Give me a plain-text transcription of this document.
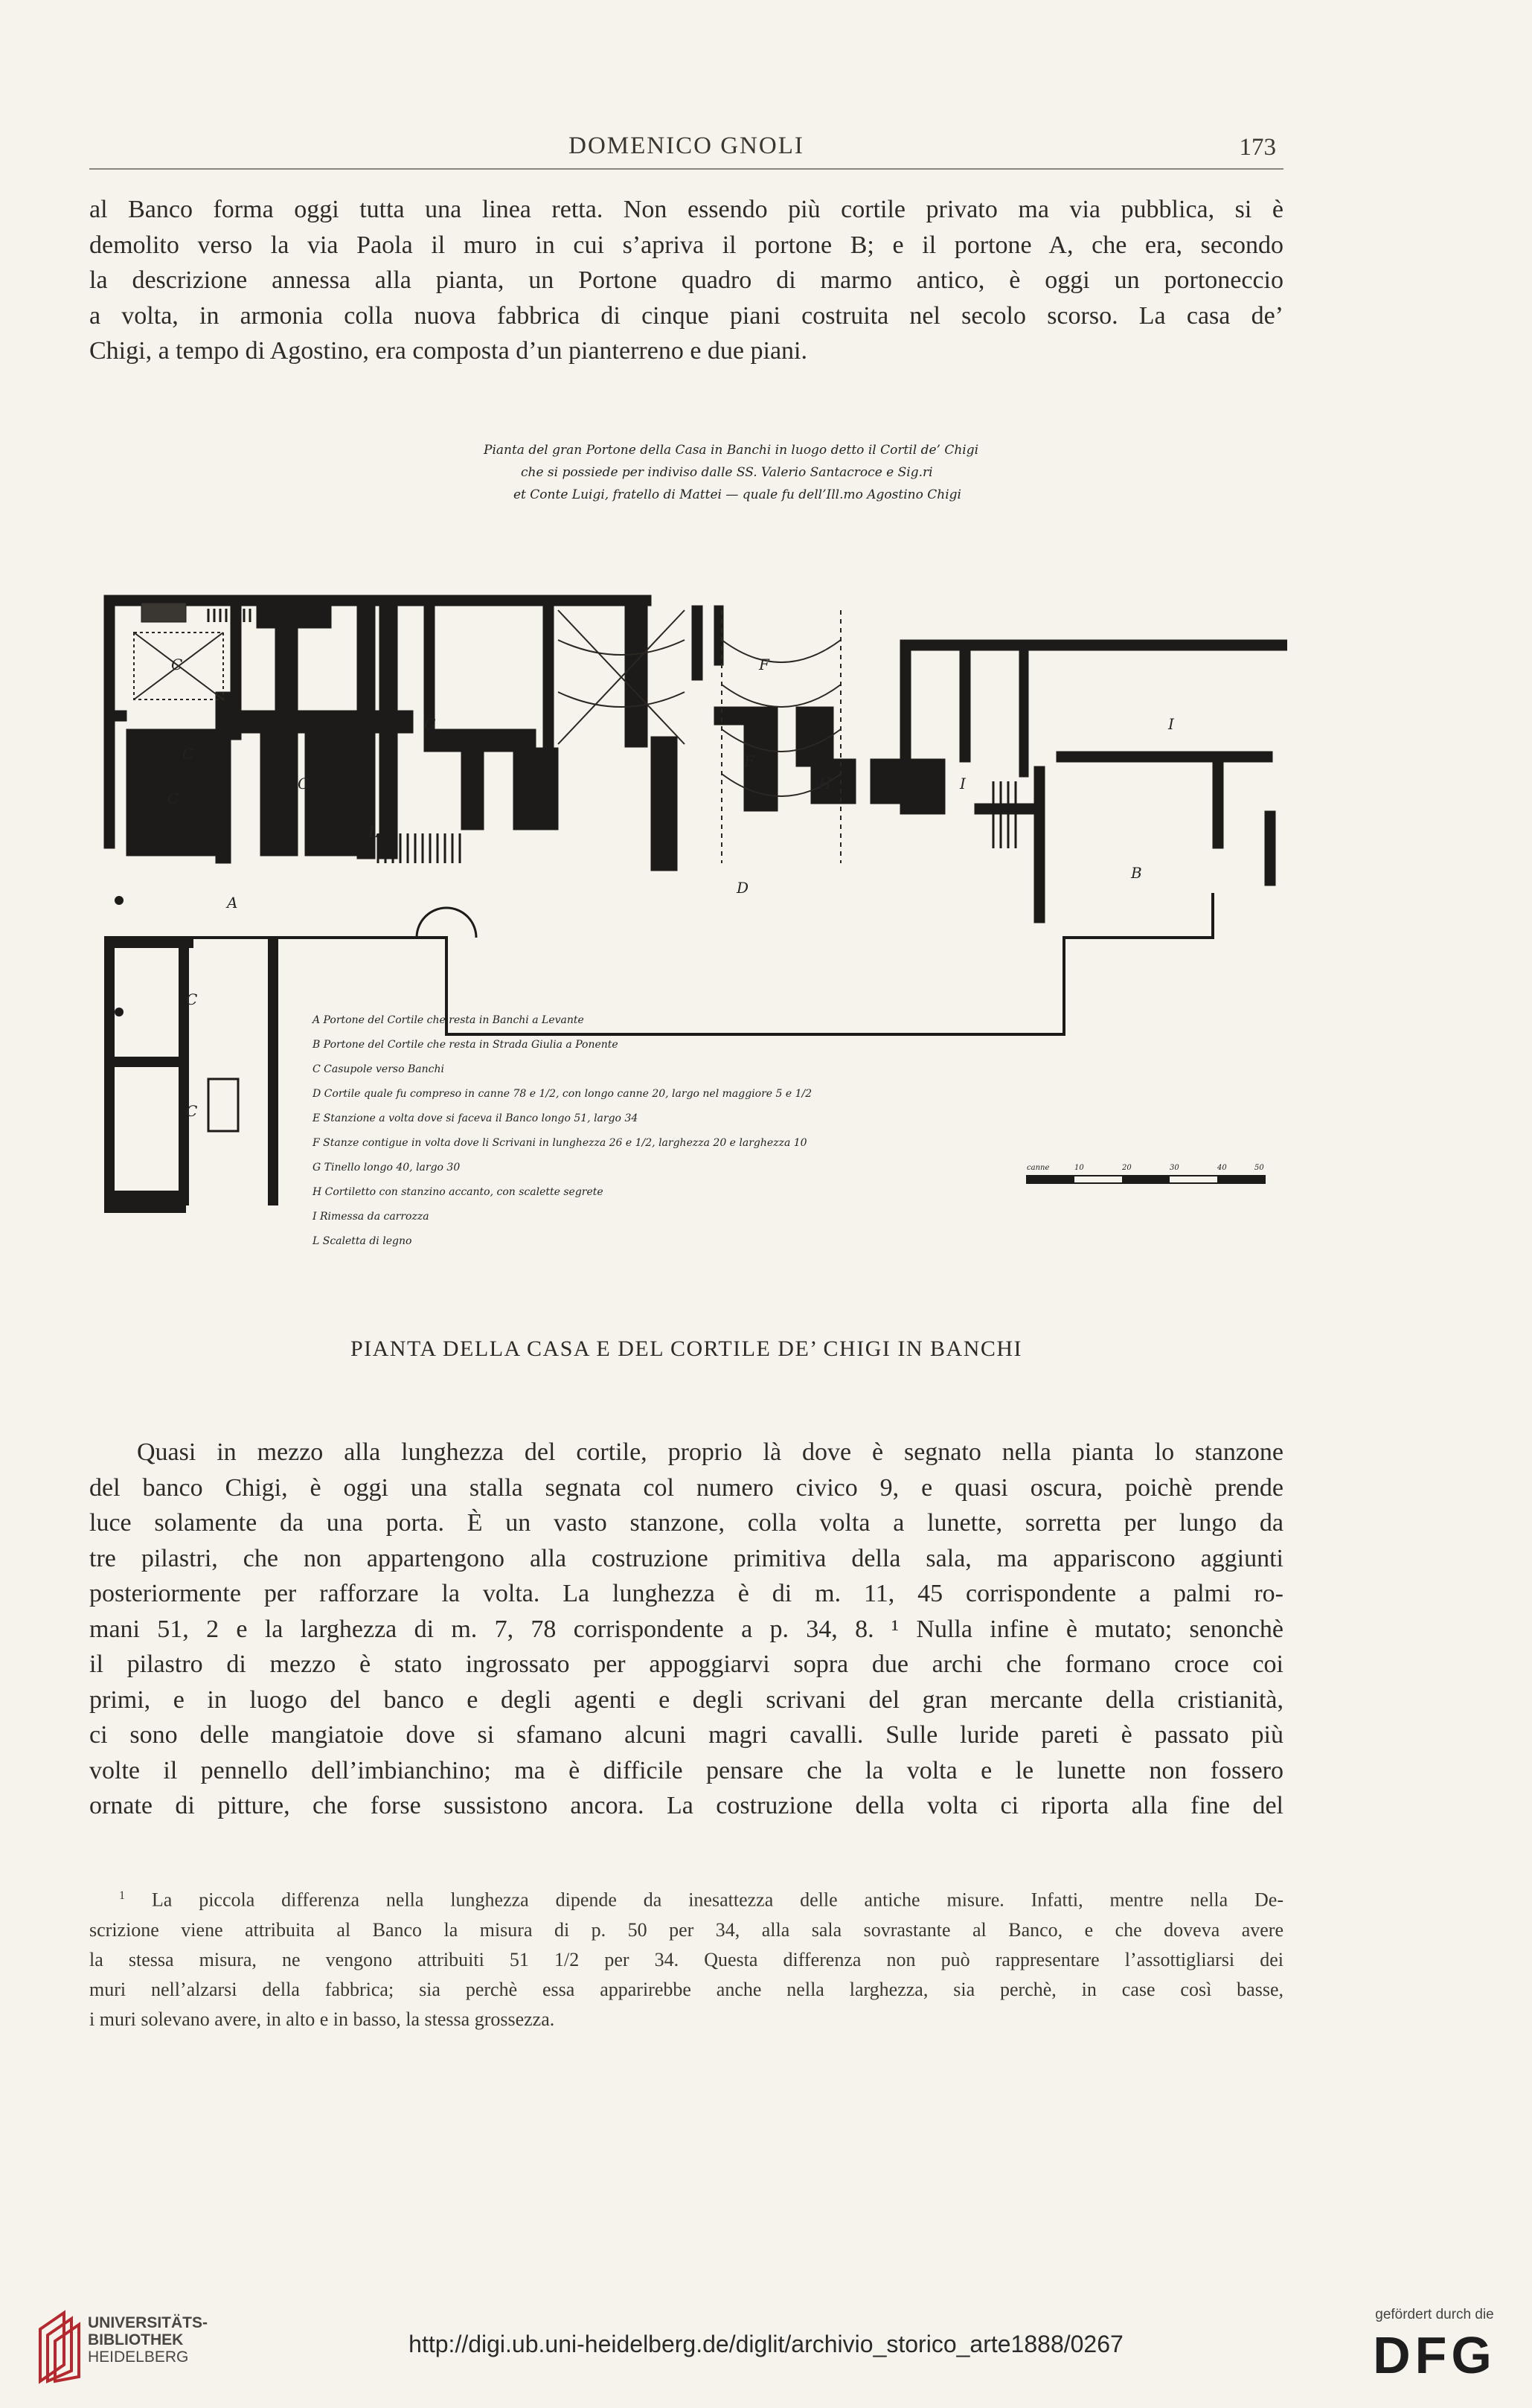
DOMENICO GNOLI	173
al Banco forma oggi tutta una linea retta. Non essendo più cortile privato ma via pubblica, si è
demolito verso la via Paola il muro in cui s’apriva il portone B; e il portone A, che era, secondo
la descrizione annessa alla pianta, un Portone quadro di marmo antico, è oggi un portoneccio
a volta, in armonia colla nuova fabbrica di cinque piani costruita nel secolo scorso. La casa de’
Chigi, a tempo di Agostino, era composta d’un pianterreno e due piani.
Pianta del gran Portone della Casa in Banchi in luogo detto il Cortil de’ Chigi
che si possiede per indiviso dalle SS. Valerio Santacroce e Sig.ri
et Conte Luigi, fratello di Mattei — quale fu dell’Ill.mo Agostino Chigi
A Portone del Cortile che resta in Banchi a Levante
B Portone del Cortile che resta in Strada Giulia a Ponente
C Casupole verso Banchi
D Cortile quale fu compreso in canne 78 e 1/2, con longo canne 20, largo nel maggiore 5 e 1/2
E Stanzione a volta dove si faceva il Banco longo 51, largo 34
F Stanze contigue in volta dove li Scrivani in lunghezza 26 e 1/2, larghezza 20 e larghezza 10
G Tinello longo 40, largo 30
H Cortiletto con stanzino accanto, con scalette segrete
I Rimessa da carrozza
L Scaletta di legno
G
F
F
C
C
C
C
C
C
L
H	I
I
A
D
B
canne	10	20	30	40	50
PIANTA DELLA CASA E DEL CORTILE DE’ CHIGI IN BANCHI
Quasi in mezzo alla lunghezza del cortile, proprio là dove è segnato nella pianta lo stanzone
del banco Chigi, è oggi una stalla segnata col numero civico 9, e quasi oscura, poichè prende
luce solamente da una porta. È un vasto stanzone, colla volta a lunette, sorretta per lungo da
tre pilastri, che non appartengono alla costruzione primitiva della sala, ma appariscono aggiunti
posteriormente per rafforzare la volta. La lunghezza è di m. 11, 45 corrispondente a palmi ro-
mani 51, 2 e la larghezza di m. 7, 78 corrispondente a p. 34, 8. ¹ Nulla infine è mutato; senonchè
il pilastro di mezzo è stato ingrossato per appoggiarvi sopra due archi che formano croce coi
primi, e in luogo del banco e degli agenti e degli scrivani del gran mercante della cristianità,
ci sono delle mangiatoie dove si sfamano alcuni magri cavalli. Sulle luride pareti è passato più
volte il pennello dell’imbianchino; ma è difficile pensare che la volta e le lunette non fossero
ornate di pitture, che forse sussistono ancora. La costruzione della volta ci riporta alla fine del
$^1$ La piccola differenza nella lunghezza dipende da inesattezza delle antiche misure. Infatti, mentre nella De-
scrizione viene attribuita al Banco la misura di p. 50 per 34, alla sala sovrastante al Banco, e che doveva avere
la stessa misura, ne vengono attribuiti 51 1/2 per 34. Questa differenza non può rappresentare l’assottigliarsi dei
muri nell’alzarsi della fabbrica; sia perchè essa apparirebbe anche nella larghezza, sia perchè, in case così basse,
i muri solevano avere, in alto e in basso, la stessa grossezza.
UNIVERSITÄTS-
BIBLIOTHEK
HEIDELBERG	http://digi.ub.uni-heidelberg.de/diglit/archivio_storico_arte1888/0267
gefördert durch die
DFG
